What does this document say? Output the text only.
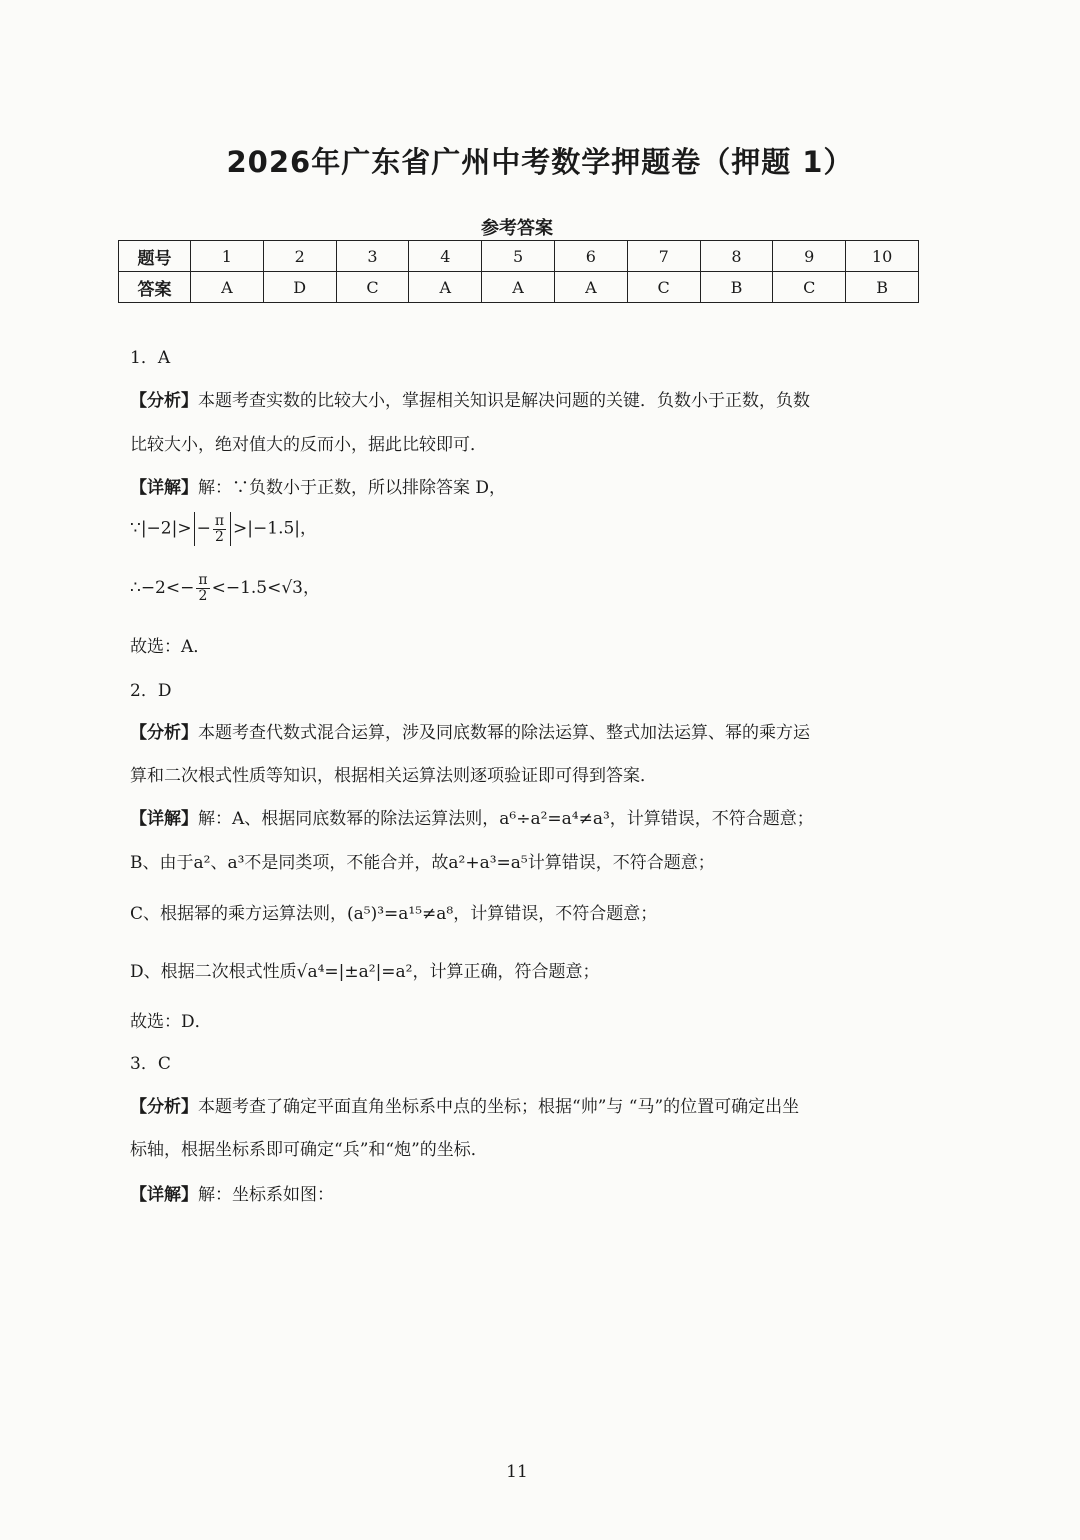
2026年广东省广州中考数学押题卷（押题 1）
参考答案
题号	1	2	3	4	5	6	7	8	9	10
答案	A	D	C	A	A	A	C	B	C	B
1．A
【分析】本题考查实数的比较大小，掌握相关知识是解决问题的关键．负数小于正数，负数
比较大小，绝对值大的反而小，据此比较即可．
【详解】解：∵负数小于正数，所以排除答案 D，
∵|−2|> − $\frac{\pi}{2} >|-1.5|$，
∴−2<− $\frac{\pi}{2} <-1.5<√3$，
故选：A．
2．D
【分析】本题考查代数式混合运算，涉及同底数幂的除法运算、整式加法运算、幂的乘方运
算和二次根式性质等知识，根据相关运算法则逐项验证即可得到答案．
【详解】解：A、根据同底数幂的除法运算法则，a⁶÷a²=a⁴≠a³，计算错误，不符合题意；
B、由于a²、a³不是同类项，不能合并，故a²+a³=a⁵计算错误，不符合题意；
C、根据幂的乘方运算法则，(a⁵)³=a¹⁵≠a⁸，计算错误，不符合题意；
D、根据二次根式性质√a⁴=|±a²|=a²，计算正确，符合题意；
故选：D．
3．C
【分析】本题考查了确定平面直角坐标系中点的坐标；根据“帅”与 “马”的位置可确定出坐
标轴，根据坐标系即可确定“兵”和“炮”的坐标．
【详解】解：坐标系如图：
11
